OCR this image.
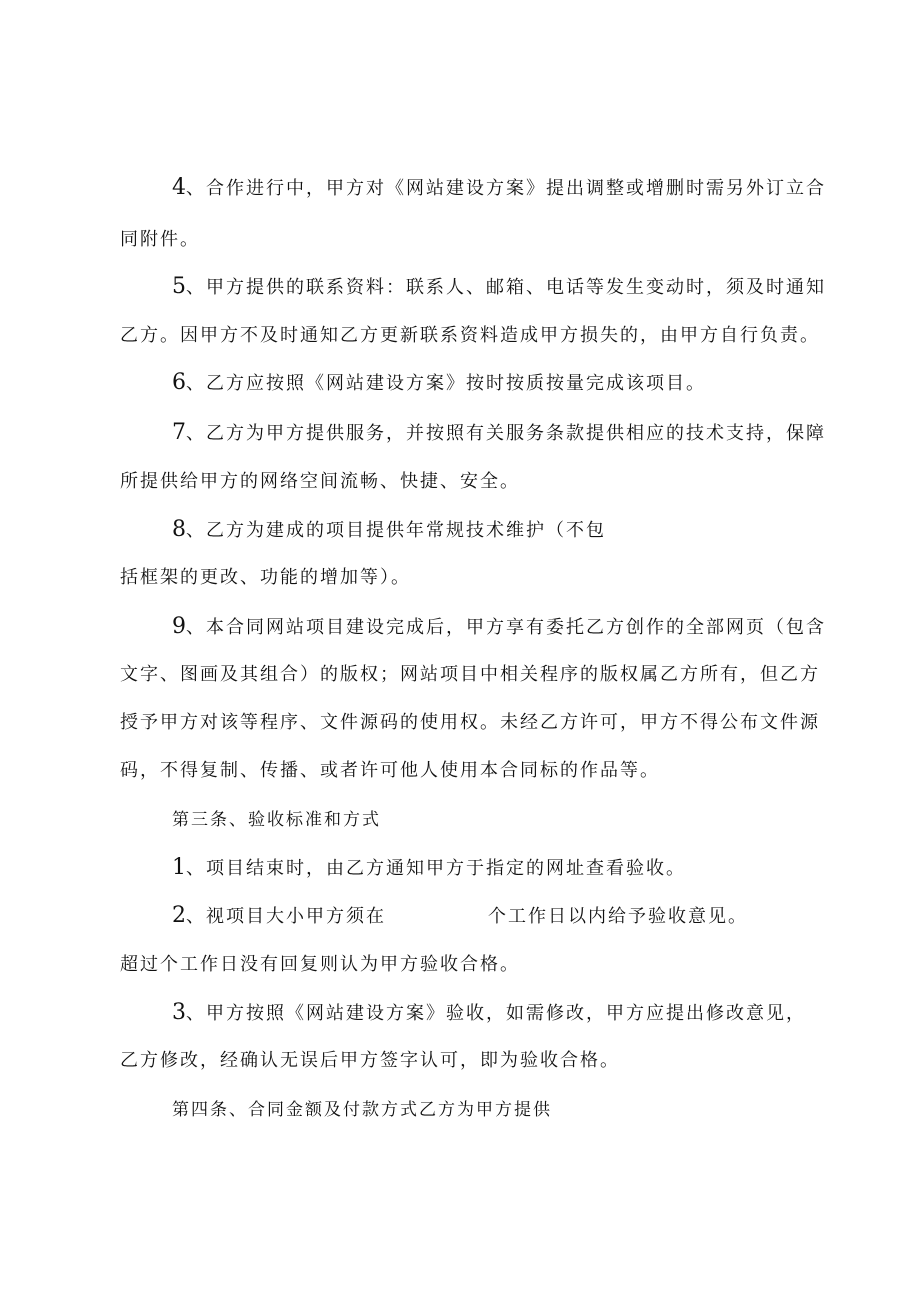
4、合作进行中，甲方对《网站建设方案》提出调整或增删时需另外订立合
同附件。
5、甲方提供的联系资料：联系人、邮箱、电话等发生变动时，须及时通知
乙方。因甲方不及时通知乙方更新联系资料造成甲方损失的，由甲方自行负责。
6、乙方应按照《网站建设方案》按时按质按量完成该项目。
7、乙方为甲方提供服务，并按照有关服务条款提供相应的技术支持，保障
所提供给甲方的网络空间流畅、快捷、安全。
8、乙方为建成的项目提供年常规技术维护（不包
括框架的更改、功能的增加等）。
9、本合同网站项目建设完成后，甲方享有委托乙方创作的全部网页（包含
文字、图画及其组合）的版权；网站项目中相关程序的版权属乙方所有，但乙方
授予甲方对该等程序、文件源码的使用权。未经乙方许可，甲方不得公布文件源
码，不得复制、传播、或者许可他人使用本合同标的作品等。
第三条、验收标准和方式
1、项目结束时，由乙方通知甲方于指定的网址查看验收。
2、视项目大小甲方须在	个工作日以内给予验收意见。
超过个工作日没有回复则认为甲方验收合格。
3、甲方按照《网站建设方案》验收，如需修改，甲方应提出修改意见，
乙方修改，经确认无误后甲方签字认可，即为验收合格。
第四条、合同金额及付款方式乙方为甲方提供
